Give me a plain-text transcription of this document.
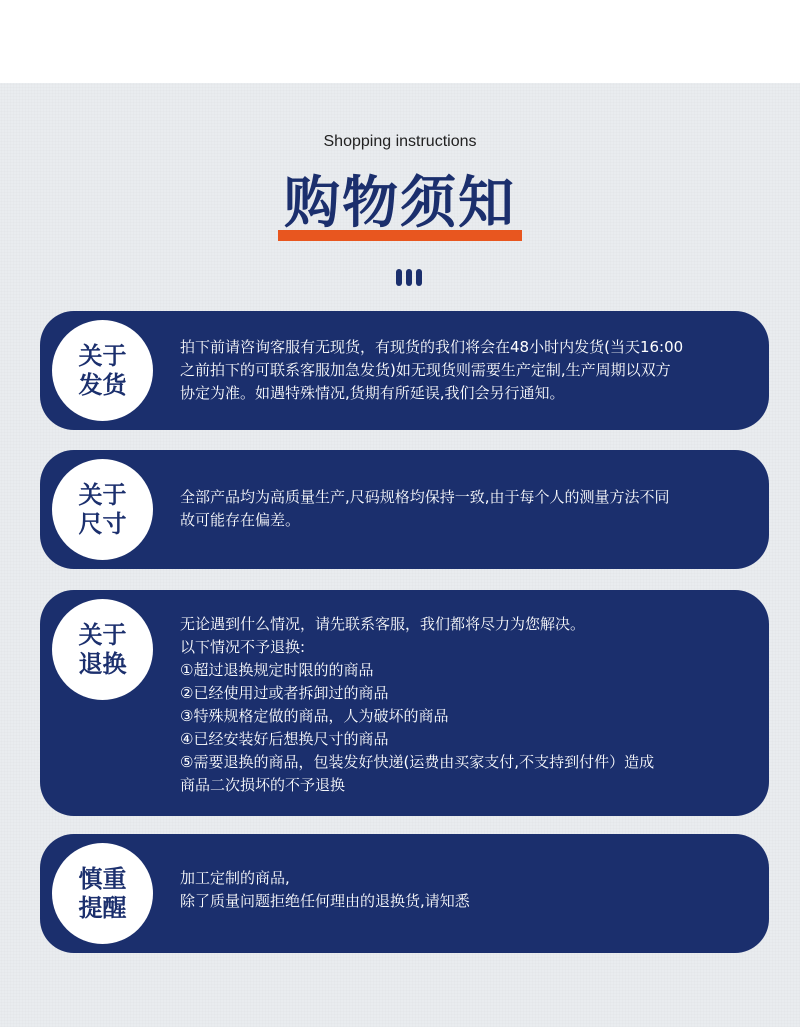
Shopping instructions
购物须知
关于
发货

拍下前请咨询客服有无现货，有现货的我们将会在48小时内发货(当天16:00

之前拍下的可联系客服加急发货)如无现货则需要生产定制,生产周期以双方

协定为准。如遇特殊情况,货期有所延误,我们会另行通知。

关于
尺寸

全部产品均为高质量生产,尺码规格均保持一致,由于每个人的测量方法不同

故可能存在偏差。

关于
退换

无论遇到什么情况，请先联系客服，我们都将尽力为您解决。

以下情况不予退换:

①超过退换规定时限的的商品

②已经使用过或者拆卸过的商品

③特殊规格定做的商品，人为破坏的商品

④已经安装好后想换尺寸的商品

⑤需要退换的商品，包装发好快递(运费由买家支付,不支持到付件）造成

商品二次损坏的不予退换

慎重
提醒

加工定制的商品,

除了质量问题拒绝任何理由的退换货,请知悉
